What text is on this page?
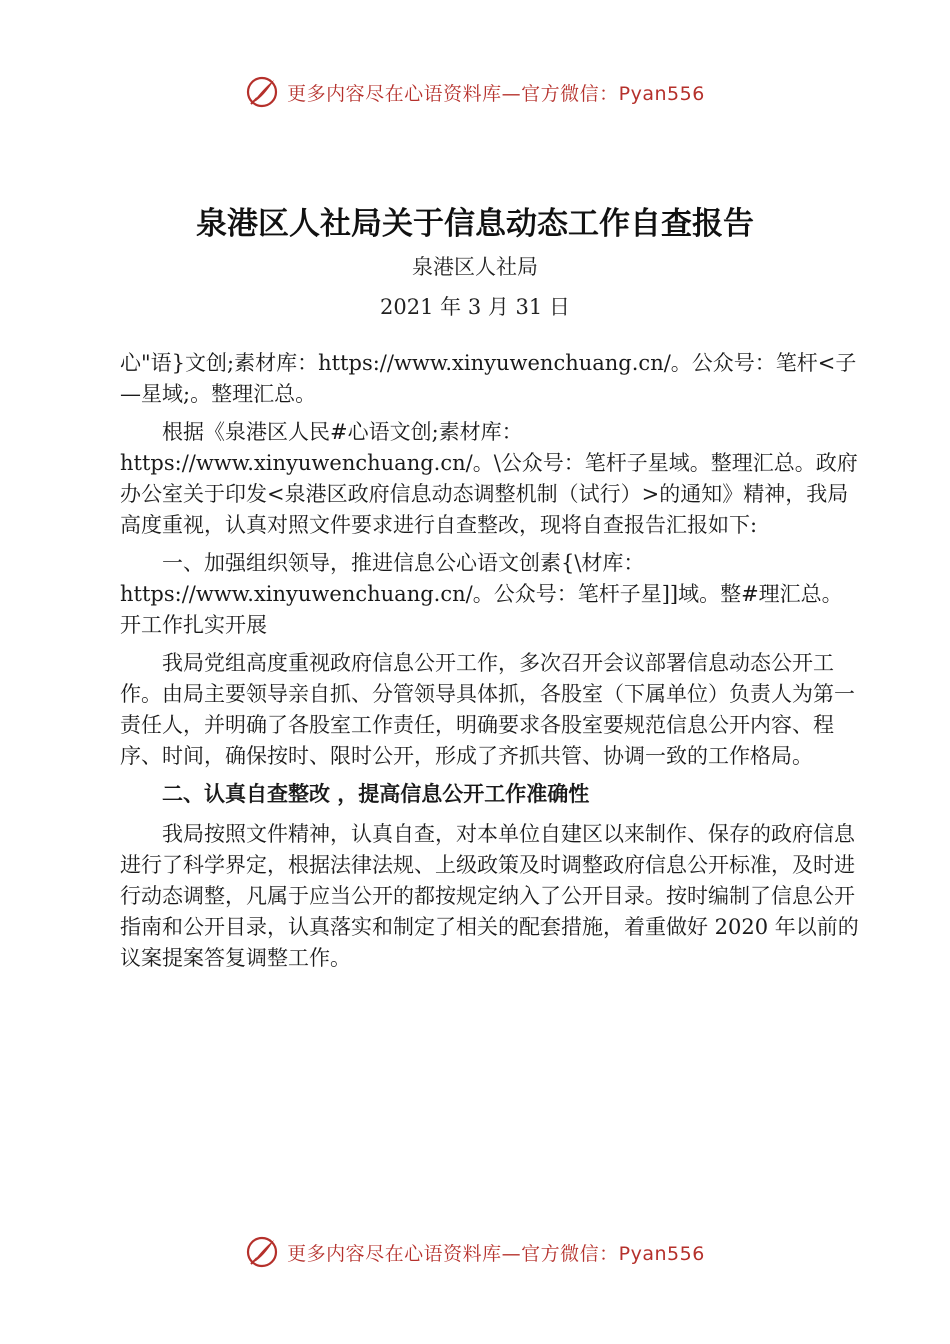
更多内容尽在心语资料库—官方微信：Pyan556
泉港区人社局关于信息动态工作自查报告
泉港区人社局
2021 年 3 月 31 日

心"语}文创;素材库：https://www.xinyuwenchuang.cn/。公众号：笔杆<子—星域;。整理汇总。

根据《泉港区人民#心语文创;素材库：https://www.xinyuwenchuang.cn/。\公众号：笔杆子星域。整理汇总。政府办公室关于印发<泉港区政府信息动态调整机制（试行）>的通知》精神，我局高度重视，认真对照文件要求进行自查整改，现将自查报告汇报如下:

一、加强组织领导，推进信息公心语文创素{\材库：https://www.xinyuwenchuang.cn/。公众号：笔杆子星]]域。整#理汇总。开工作扎实开展

我局党组高度重视政府信息公开工作，多次召开会议部署信息动态公开工作。由局主要领导亲自抓、分管领导具体抓，各股室（下属单位）负责人为第一责任人，并明确了各股室工作责任，明确要求各股室要规范信息公开内容、程序、时间，确保按时、限时公开，形成了齐抓共管、协调一致的工作格局。

二、认真自查整改 ，提高信息公开工作准确性

我局按照文件精神，认真自查，对本单位自建区以来制作、保存的政府信息进行了科学界定，根据法律法规、上级政策及时调整政府信息公开标准，及时进行动态调整，凡属于应当公开的都按规定纳入了公开目录。按时编制了信息公开指南和公开目录，认真落实和制定了相关的配套措施，着重做好 2020 年以前的议案提案答复调整工作。

更多内容尽在心语资料库—官方微信：Pyan556
